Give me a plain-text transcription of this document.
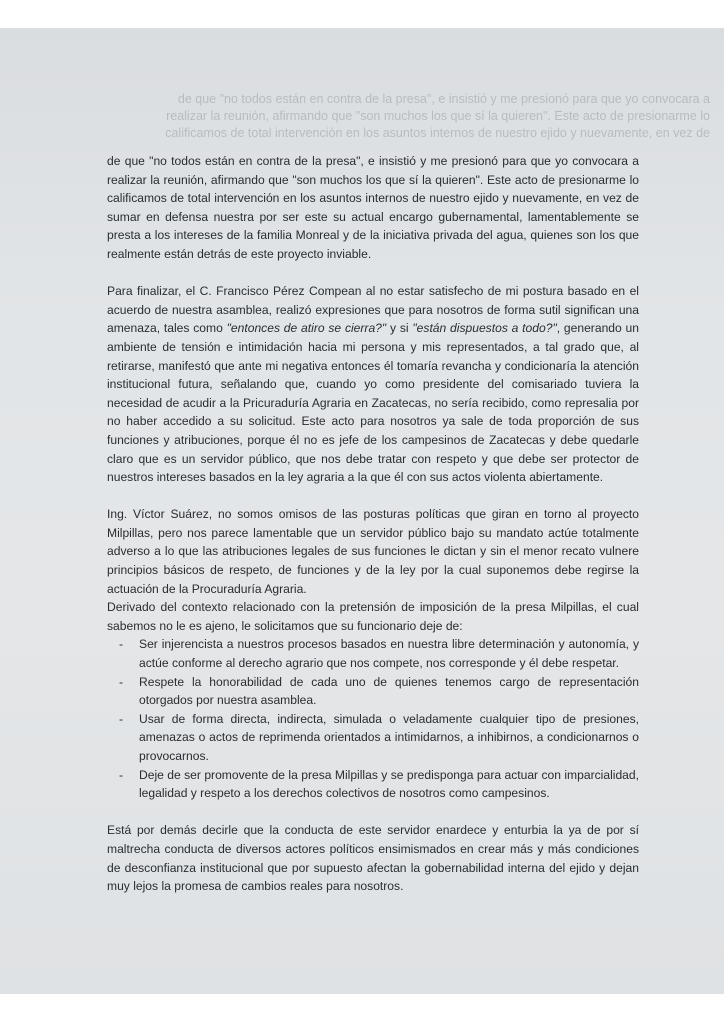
de que "no todos están en contra de la presa", e insistió y me presionó para que yo convocara a
realizar la reunión, afirmando que "son muchos los que sí la quieren". Este acto de presionarme lo
calificamos de total intervención en los asuntos internos de nuestro ejido y nuevamente, en vez de

de que "no todos están en contra de la presa", e insistió y me presionó para que yo convocara a realizar la reunión, afirmando que "son muchos los que sí la quieren". Este acto de presionarme lo calificamos de total intervención en los asuntos internos de nuestro ejido y nuevamente, en vez de sumar en defensa nuestra por ser este su actual encargo gubernamental, lamentablemente se presta a los intereses de la familia Monreal y de la iniciativa privada del agua, quienes son los que realmente están detrás de este proyecto inviable.

Para finalizar, el C. Francisco Pérez Compean al no estar satisfecho de mi postura basado en el acuerdo de nuestra asamblea, realizó expresiones que para nosotros de forma sutil significan una amenaza, tales como "entonces de atiro se cierra?" y si "están dispuestos a todo?", generando un ambiente de tensión e intimidación hacia mi persona y mis representados, a tal grado que, al retirarse, manifestó que ante mi negativa entonces él tomaría revancha y condicionaría la atención institucional futura, señalando que, cuando yo como presidente del comisariado tuviera la necesidad de acudir a la Pricuraduría Agraria en Zacatecas, no sería recibido, como represalia por no haber accedido a su solicitud. Este acto para nosotros ya sale de toda proporción de sus funciones y atribuciones, porque él no es jefe de los campesinos de Zacatecas y debe quedarle claro que es un servidor público, que nos debe tratar con respeto y que debe ser protector de nuestros intereses basados en la ley agraria a la que él con sus actos violenta abiertamente.

Ing. Víctor Suárez, no somos omisos de las posturas políticas que giran en torno al proyecto Milpillas, pero nos parece lamentable que un servidor público bajo su mandato actúe totalmente adverso a lo que las atribuciones legales de sus funciones le dictan y sin el menor recato vulnere principios básicos de respeto, de funciones y de la ley por la cual suponemos debe regirse la actuación de la Procuraduría Agraria.

Derivado del contexto relacionado con la pretensión de imposición de la presa Milpillas, el cual sabemos no le es ajeno, le solicitamos que su funcionario deje de:

- Ser injerencista a nuestros procesos basados en nuestra libre determinación y autonomía, y actúe conforme al derecho agrario que nos compete, nos corresponde y él debe respetar.
- Respete la honorabilidad de cada uno de quienes tenemos cargo de representación otorgados por nuestra asamblea.
- Usar de forma directa, indirecta, simulada o veladamente cualquier tipo de presiones, amenazas o actos de reprimenda orientados a intimidarnos, a inhibirnos, a condicionarnos o provocarnos.
- Deje de ser promovente de la presa Milpillas y se predisponga para actuar con imparcialidad, legalidad y respeto a los derechos colectivos de nosotros como campesinos.

Está por demás decirle que la conducta de este servidor enardece y enturbia la ya de por sí maltrecha conducta de diversos actores políticos ensimismados en crear más y más condiciones de desconfianza institucional que por supuesto afectan la gobernabilidad interna del ejido y dejan muy lejos la promesa de cambios reales para nosotros.
